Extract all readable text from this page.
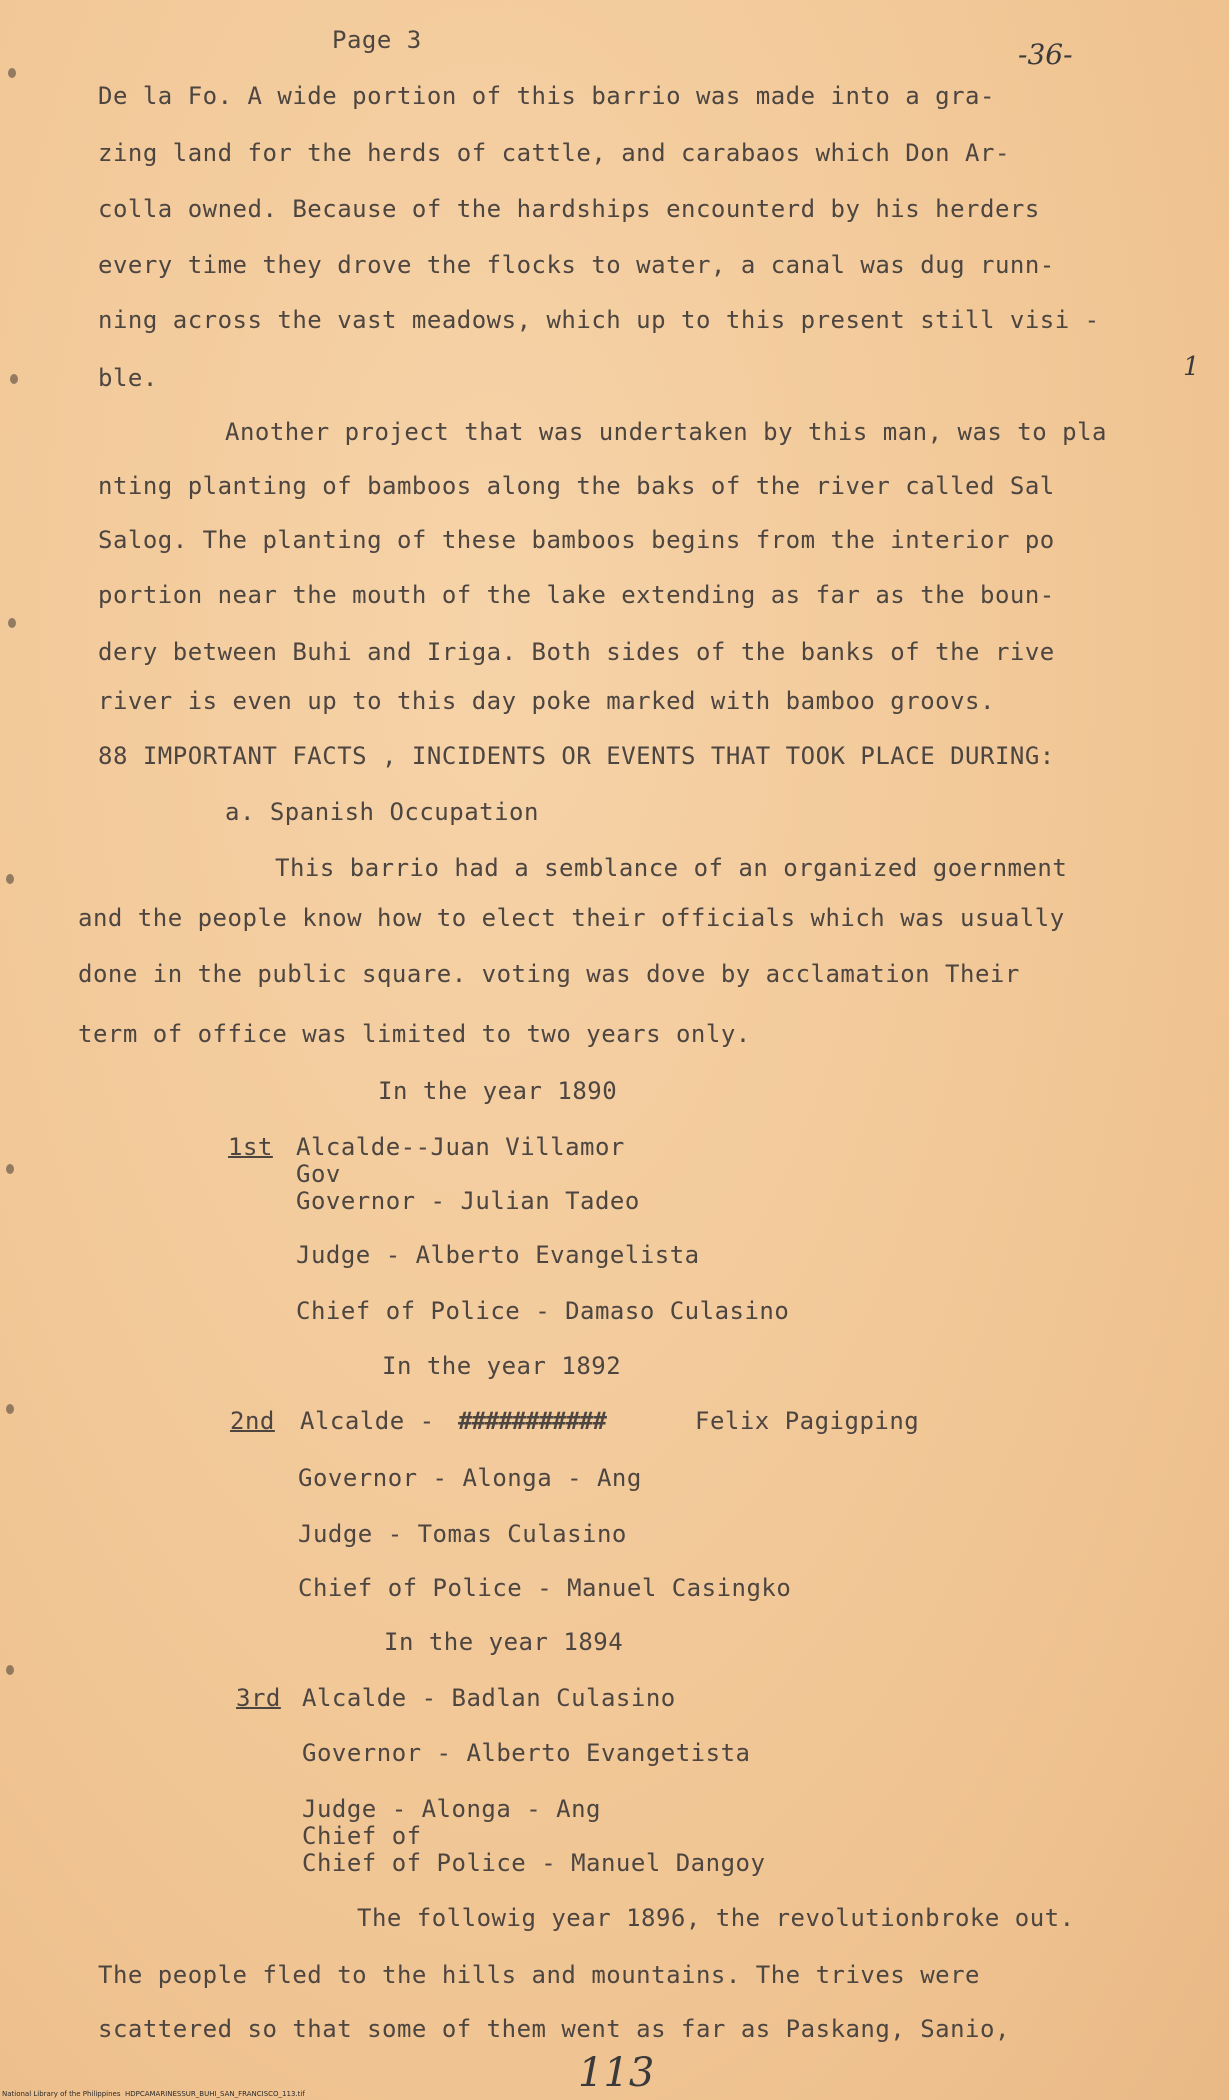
Page 3	-36-
De la Fo. A wide portion of this barrio was made into a gra-
zing land for the herds of cattle, and carabaos which Don Ar-
colla owned. Because of the hardships encounterd by his herders
every time they drove the flocks to water, a canal was dug runn-
ning across the vast meadows, which up to this present still visi -
ble.	1
Another project that was undertaken by this man, was to pla
nting planting of bamboos along the baks of the river called Sal
Salog. The planting of these bamboos begins from the interior po
portion near the mouth of the lake extending as far as the boun-
dery between Buhi and Iriga. Both sides of the banks of the rive
river is even up to this day poke marked with bamboo groovs.
88 IMPORTANT FACTS , INCIDENTS OR EVENTS THAT TOOK PLACE DURING:
a. Spanish Occupation
This barrio had a semblance of an organized goernment
and the people know how to elect their officials which was usually
done in the public square. voting was dove by acclamation Their
term of office was limited to two years only.
In the year 1890
1st Alcalde--Juan Villamor
Gov
Governor - Julian Tadeo
Judge - Alberto Evangelista
Chief of Police - Damaso Culasino
In the year 1892
2nd Alcalde - ###########	Felix Pagigping
Governor - Alonga - Ang
Judge - Tomas Culasino
Chief of Police - Manuel Casingko
In the year 1894
3rd Alcalde - Badlan Culasino
Governor - Alberto Evangetista
Judge - Alonga - Ang
Chief of
Chief of Police - Manuel Dangoy
The followig year 1896, the revolutionbroke out.
The people fled to the hills and mountains. The trives were
scattered so that some of them went as far as Paskang, Sanio,
113
National Library of the Philippines  HDPCAMARINESSUR_BUHI_SAN_FRANCISCO_113.tif
